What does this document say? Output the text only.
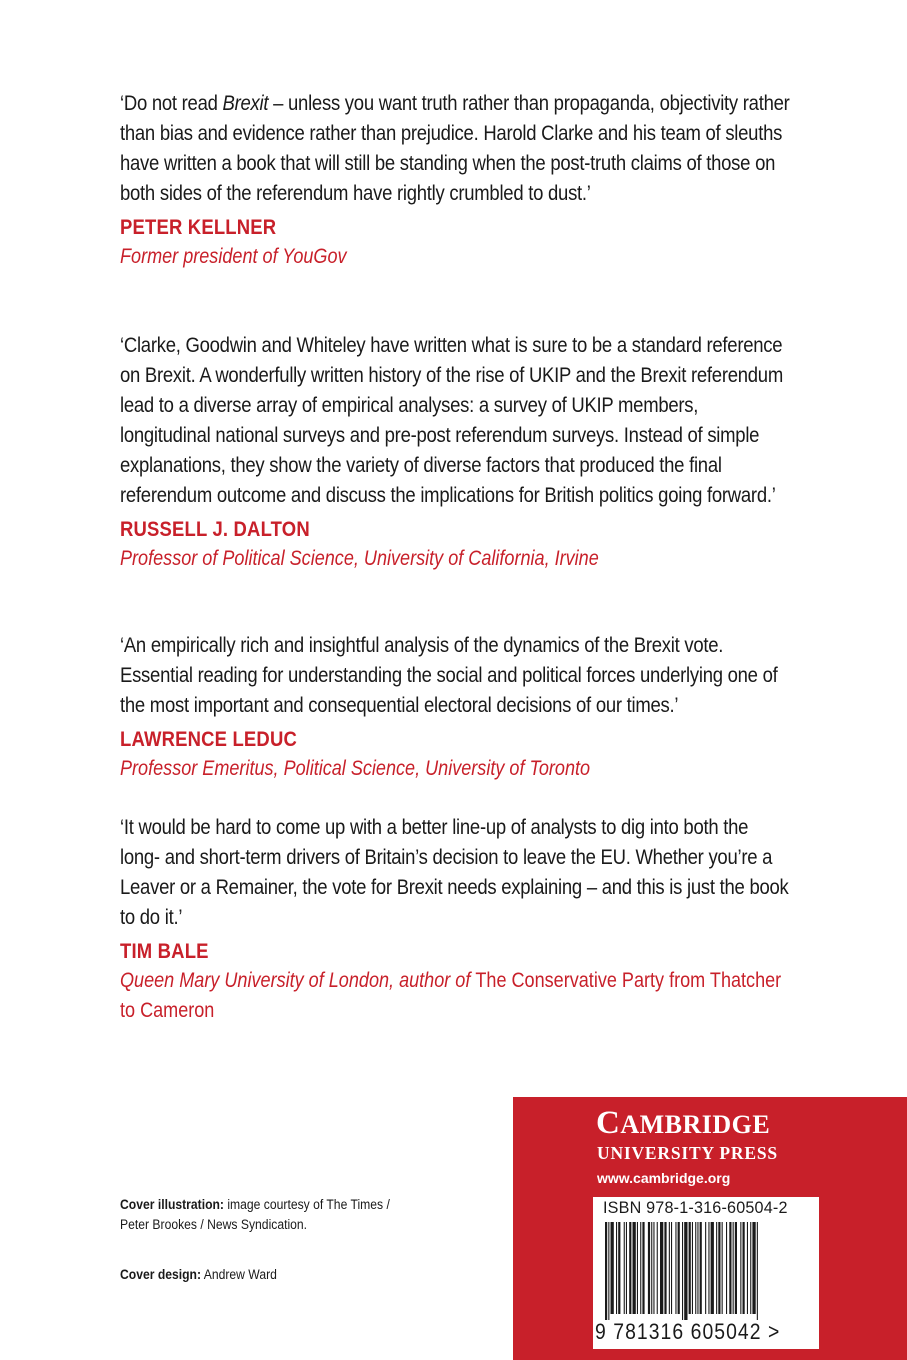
‘Do not read Brexit – unless you want truth rather than propaganda, objectivity rather than bias and evidence rather than prejudice. Harold Clarke and his team of sleuths have written a book that will still be standing when the post-truth claims of those on both sides of the referendum have rightly crumbled to dust.’

PETER KELLNER
Former president of YouGov

‘Clarke, Goodwin and Whiteley have written what is sure to be a standard reference on Brexit. A wonderfully written history of the rise of UKIP and the Brexit referendum lead to a diverse array of empirical analyses: a survey of UKIP members, longitudinal national surveys and pre-post referendum surveys. Instead of simple explanations, they show the variety of diverse factors that produced the final referendum outcome and discuss the implications for British politics going forward.’

RUSSELL J. DALTON
Professor of Political Science, University of California, Irvine

‘An empirically rich and insightful analysis of the dynamics of the Brexit vote. Essential reading for understanding the social and political forces underlying one of the most important and consequential electoral decisions of our times.’

LAWRENCE LEDUC
Professor Emeritus, Political Science, University of Toronto

‘It would be hard to come up with a better line-up of analysts to dig into both the long- and short-term drivers of Britain’s decision to leave the EU. Whether you’re a Leaver or a Remainer, the vote for Brexit needs explaining – and this is just the book to do it.’

TIM BALE
Queen Mary University of London, author of The Conservative Party from Thatcher to Cameron
Cover illustration: image courtesy of The Times /
Peter Brookes / News Syndication.
Cover design: Andrew Ward
CAMBRIDGE
UNIVERSITY PRESS
www.cambridge.org
ISBN 978-1-316-60504-2
9 781316 605042 >
